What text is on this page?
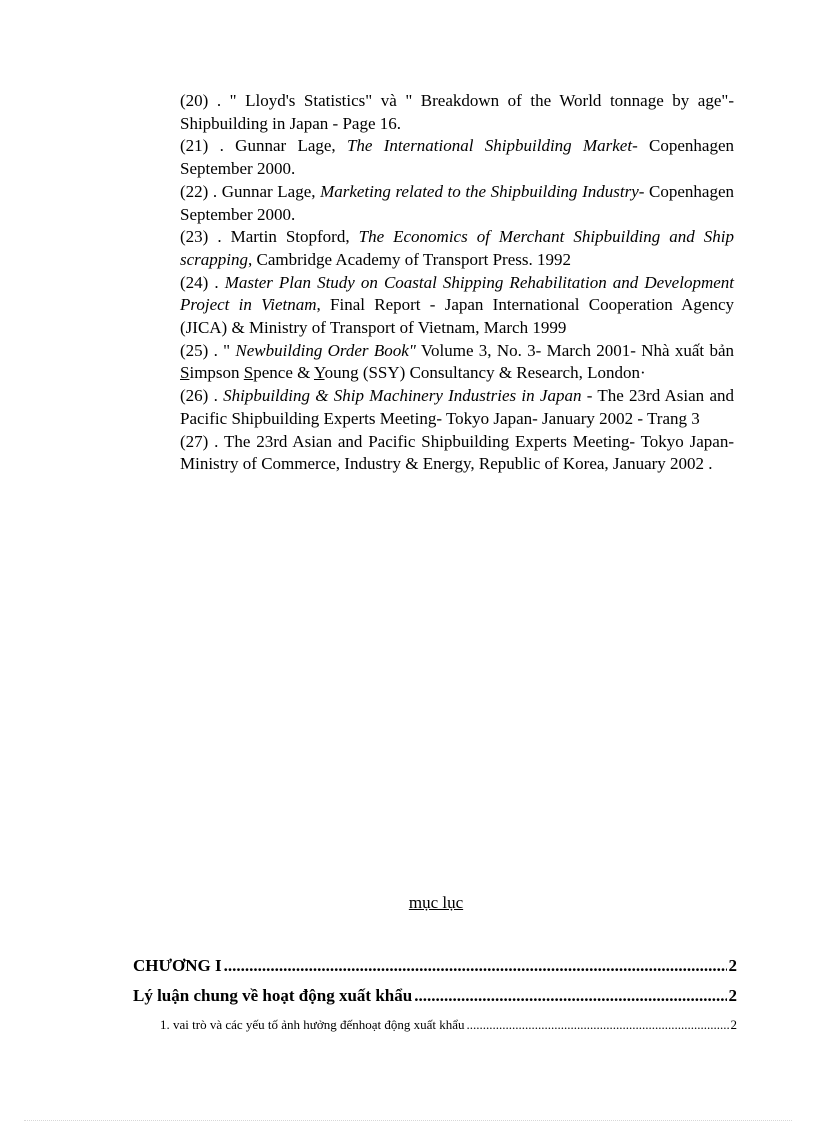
(20) . " Lloyd's Statistics" và " Breakdown of the World tonnage by age"- Shipbuilding in Japan - Page 16.

(21) . Gunnar Lage, The International Shipbuilding Market- Copenhagen September 2000.

(22) . Gunnar Lage, Marketing related to the Shipbuilding Industry- Copenhagen September 2000.

(23) . Martin Stopford, The Economics of Merchant Shipbuilding and Ship scrapping, Cambridge Academy of Transport Press. 1992

(24) . Master Plan Study on Coastal Shipping Rehabilitation and Development Project in Vietnam, Final Report - Japan International Cooperation Agency (JICA) & Ministry of Transport of Vietnam, March 1999

(25) . " Newbuilding Order Book" Volume 3, No. 3- March 2001- Nhà xuất bản Simpson Spence & Young (SSY) Consultancy & Research, London·

(26) . Shipbuilding & Ship Machinery Industries in Japan - The 23rd Asian and Pacific Shipbuilding Experts Meeting- Tokyo Japan- January 2002 - Trang 3

(27) . The 23rd Asian and Pacific Shipbuilding Experts Meeting- Tokyo Japan- Ministry of Commerce, Industry & Energy, Republic of Korea, January 2002 .

mục lục
CHƯƠNG I .....	2
Lý luận chung về hoạt động xuất khẩu .....	2
1. vai trò và các yếu tố ảnh hưởng đếnhoạt động xuất khẩu .....	2
